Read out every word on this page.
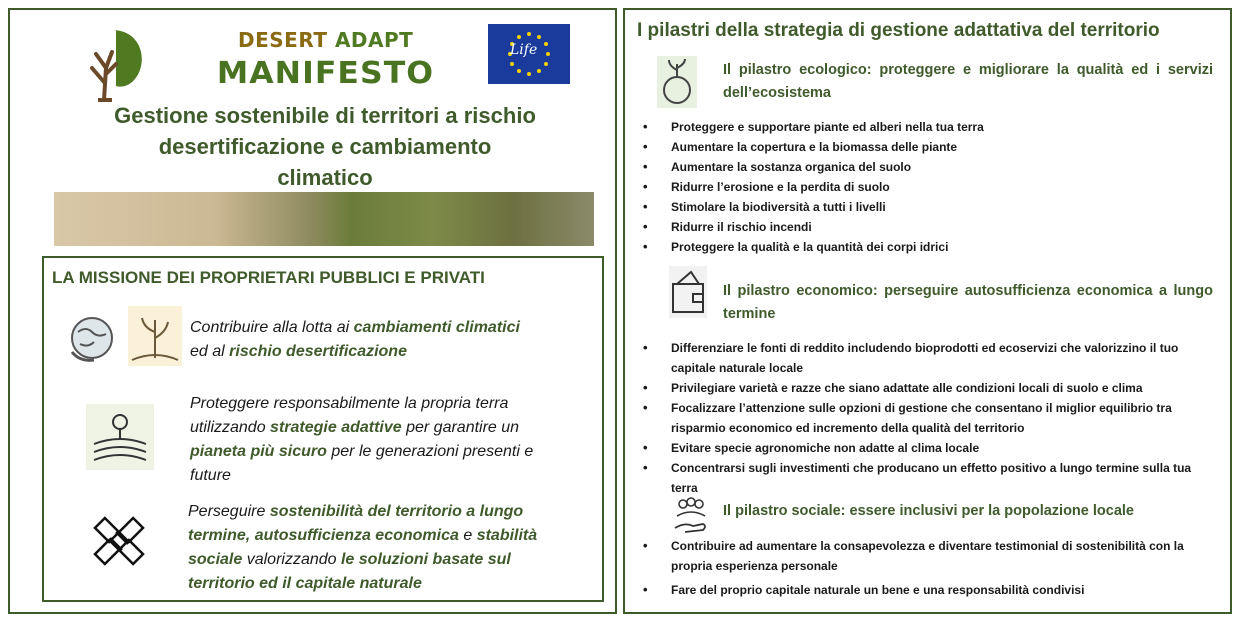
DESERT ADAPT
MANIFESTO
Life
Gestione sostenibile di territori a rischio
desertificazione e cambiamento
climatico
LA MISSIONE DEI PROPRIETARI PUBBLICI E PRIVATI
Contribuire alla lotta ai cambiamenti climatici
ed al rischio desertificazione
Proteggere responsabilmente la propria terra
utilizzando strategie adattive per garantire un
pianeta più sicuro per le generazioni presenti e
future
Perseguire sostenibilità del territorio a lungo
termine, autosufficienza economica e stabilità
sociale valorizzando le soluzioni basate sul
territorio ed il capitale naturale
I pilastri della strategia di gestione adattativa del territorio
Il pilastro ecologico: proteggere e migliorare la qualità ed i servizi dell’ecosistema
• Proteggere e supportare piante ed alberi nella tua terra
• Aumentare la copertura e la biomassa delle piante
• Aumentare la sostanza organica del suolo
• Ridurre l’erosione e la perdita di suolo
• Stimolare la biodiversità a tutti i livelli
• Ridurre il rischio incendi
• Proteggere la qualità e la quantità dei corpi idrici
Il pilastro economico: perseguire autosufficienza economica a lungo termine
• Differenziare le fonti di reddito includendo bioprodotti ed ecoservizi che valorizzino il tuo capitale naturale locale
• Privilegiare varietà e razze che siano adattate alle condizioni locali di suolo e clima
• Focalizzare l’attenzione sulle opzioni di gestione che consentano il miglior equilibrio tra risparmio economico ed incremento della qualità del territorio
• Evitare specie agronomiche non adatte al clima locale
• Concentrarsi sugli investimenti che producano un effetto positivo a lungo termine sulla tua terra
Il pilastro sociale: essere inclusivi per la popolazione locale
• Contribuire ad aumentare la consapevolezza e diventare testimonial di sostenibilità con la propria esperienza personale
• Fare del proprio capitale naturale un bene e una responsabilità condivisi
